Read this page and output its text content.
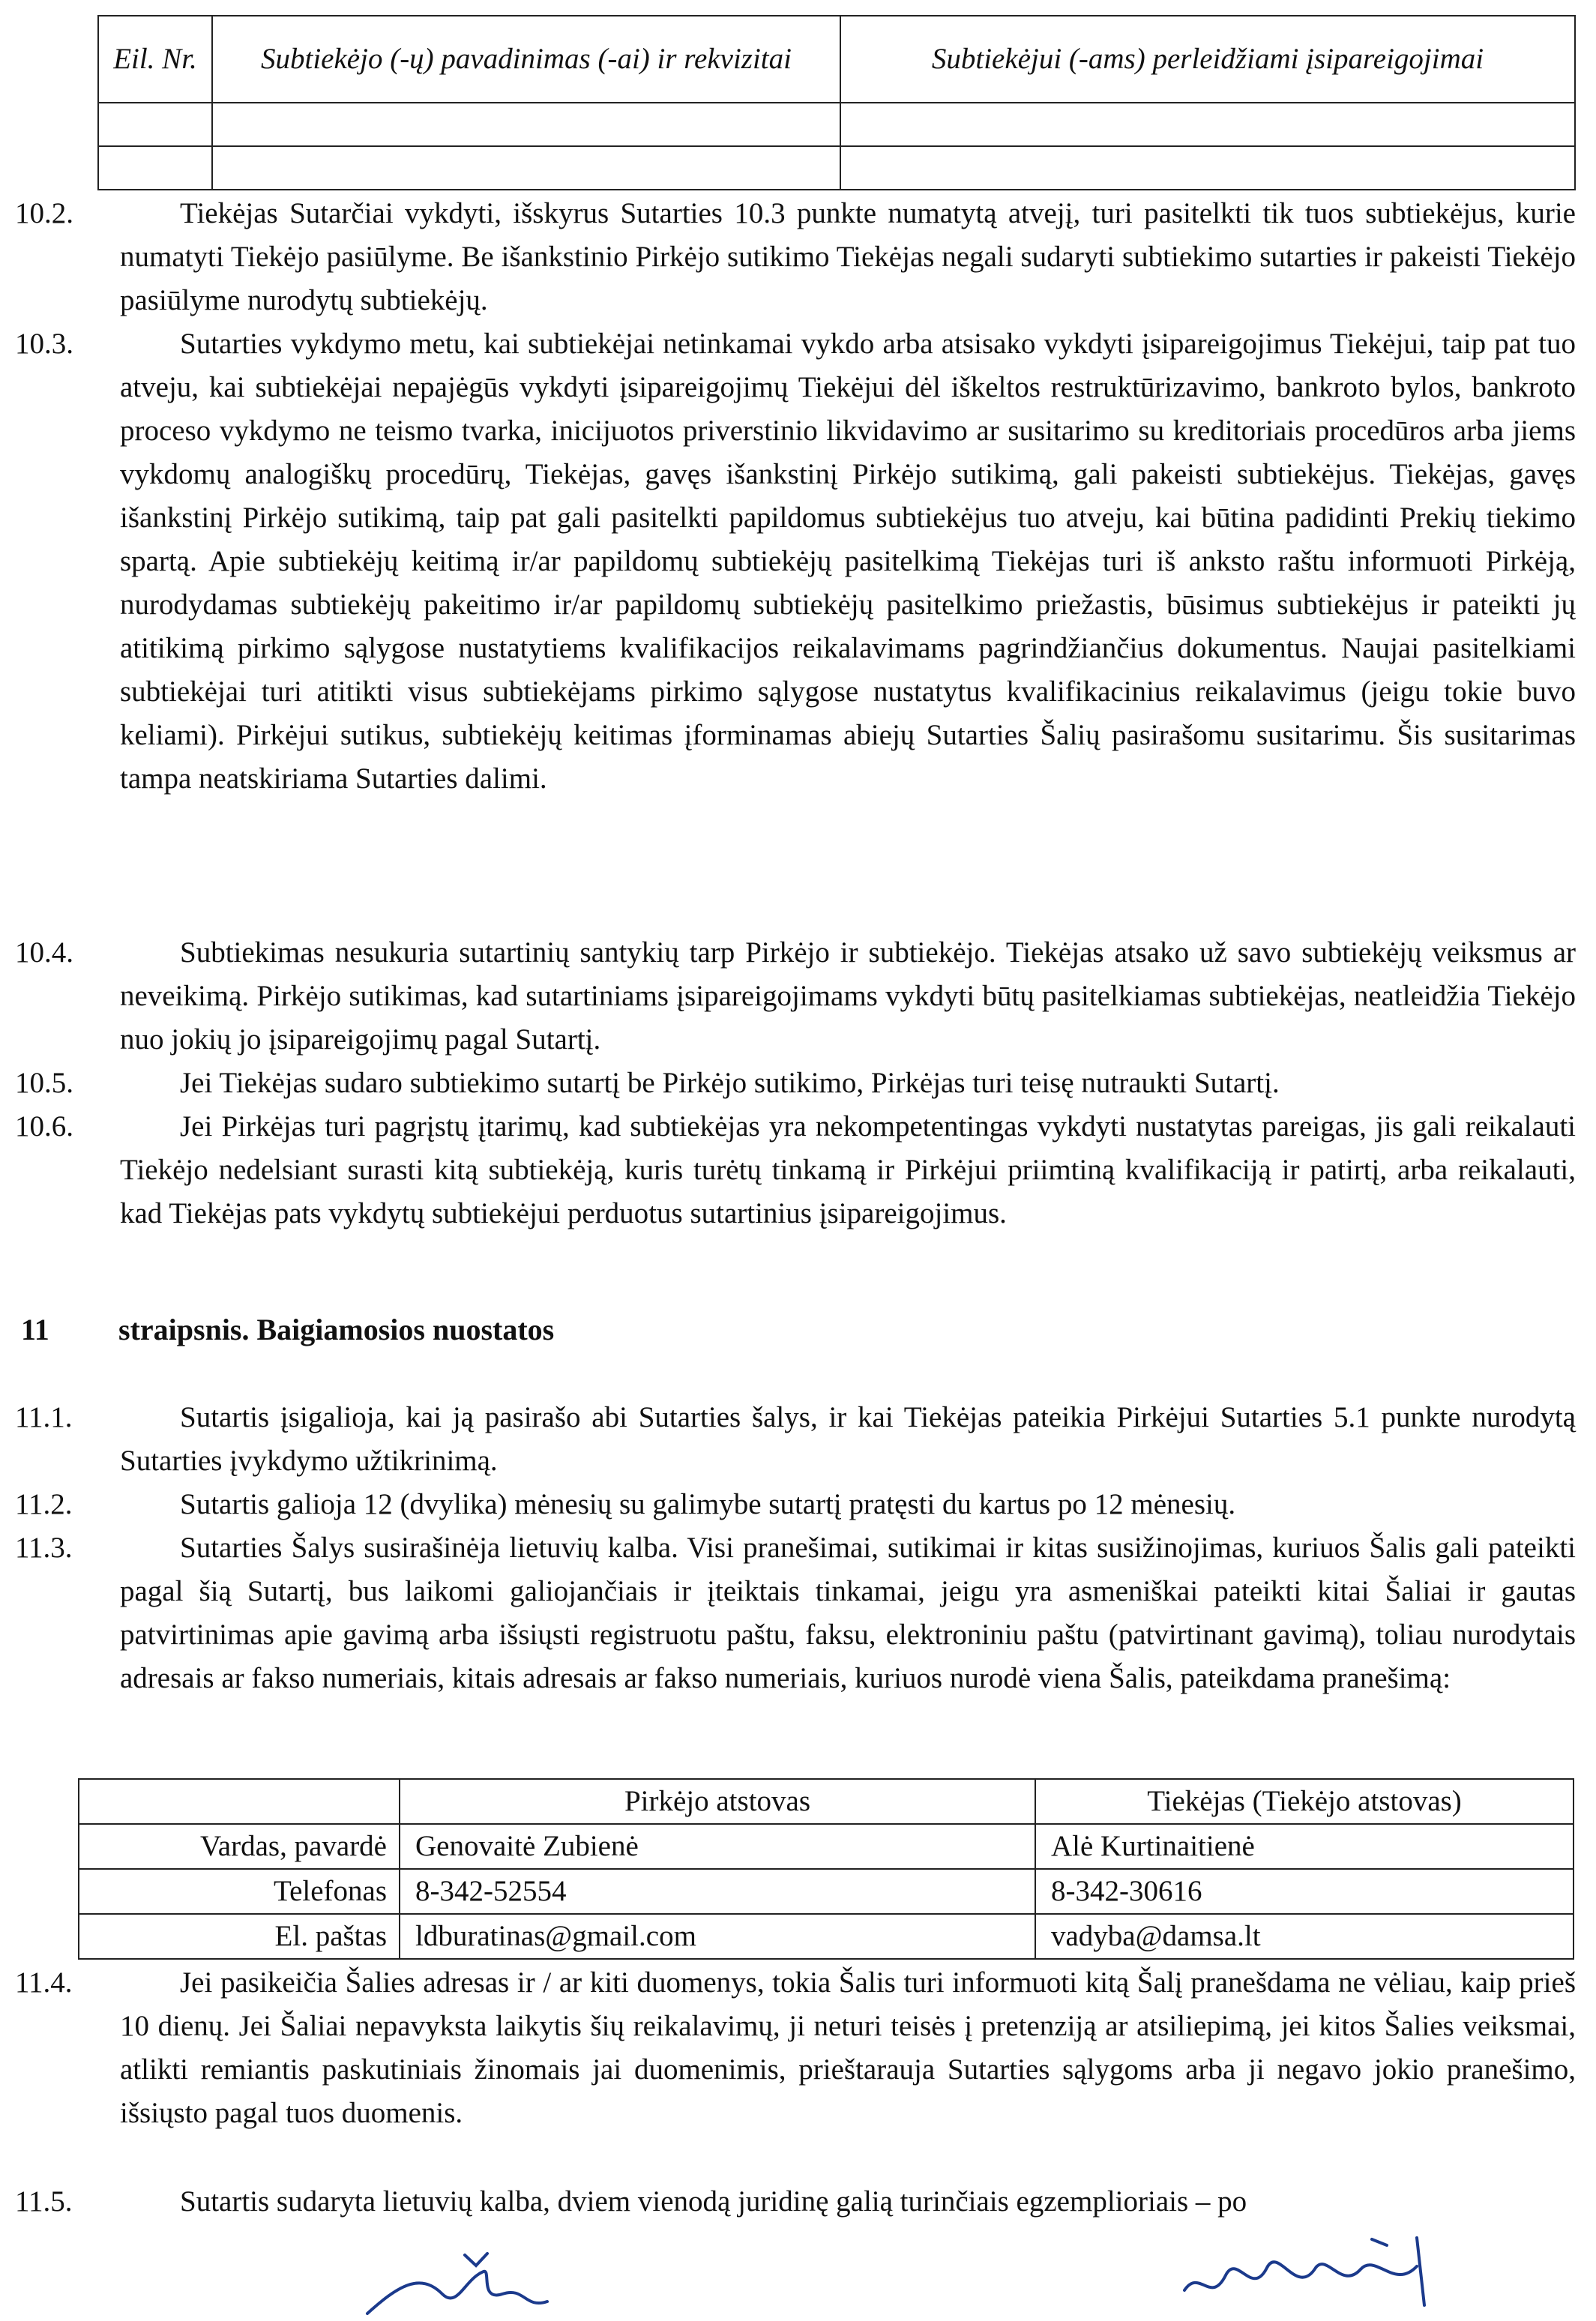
Eil. Nr.	Subtiekėjo (-ų) pavadinimas (-ai) ir rekvizitai	Subtiekėjui (-ams) perleidžiami įsipareigojimai

10.2.	Tiekėjas Sutarčiai vykdyti, išskyrus Sutarties 10.3 punkte numatytą atvejį, turi pasitelkti tik tuos subtiekėjus, kurie numatyti Tiekėjo pasiūlyme. Be išankstinio Pirkėjo sutikimo Tiekėjas negali sudaryti subtiekimo sutarties ir pakeisti Tiekėjo pasiūlyme nurodytų subtiekėjų.
10.3.	Sutarties vykdymo metu, kai subtiekėjai netinkamai vykdo arba atsisako vykdyti įsipareigojimus Tiekėjui, taip pat tuo atveju, kai subtiekėjai nepajėgūs vykdyti įsipareigojimų Tiekėjui dėl iškeltos restruktūrizavimo, bankroto bylos, bankroto proceso vykdymo ne teismo tvarka, inicijuotos priverstinio likvidavimo ar susitarimo su kreditoriais procedūros arba jiems vykdomų analogiškų procedūrų, Tiekėjas, gavęs išankstinį Pirkėjo sutikimą, gali pakeisti subtiekėjus. Tiekėjas, gavęs išankstinį Pirkėjo sutikimą, taip pat gali pasitelkti papildomus subtiekėjus tuo atveju, kai būtina padidinti Prekių tiekimo spartą. Apie subtiekėjų keitimą ir/ar papildomų subtiekėjų pasitelkimą Tiekėjas turi iš anksto raštu informuoti Pirkėją, nurodydamas subtiekėjų pakeitimo ir/ar papildomų subtiekėjų pasitelkimo priežastis, būsimus subtiekėjus ir pateikti jų atitikimą pirkimo sąlygose nustatytiems kvalifikacijos reikalavimams pagrindžiančius dokumentus. Naujai pasitelkiami subtiekėjai turi atitikti visus subtiekėjams pirkimo sąlygose nustatytus kvalifikacinius reikalavimus (jeigu tokie buvo keliami). Pirkėjui sutikus, subtiekėjų keitimas įforminamas abiejų Sutarties Šalių pasirašomu susitarimu. Šis susitarimas tampa neatskiriama Sutarties dalimi.
10.4.	Subtiekimas nesukuria sutartinių santykių tarp Pirkėjo ir subtiekėjo. Tiekėjas atsako už savo subtiekėjų veiksmus ar neveikimą. Pirkėjo sutikimas, kad sutartiniams įsipareigojimams vykdyti būtų pasitelkiamas subtiekėjas, neatleidžia Tiekėjo nuo jokių jo įsipareigojimų pagal Sutartį.
10.5.	Jei Tiekėjas sudaro subtiekimo sutartį be Pirkėjo sutikimo, Pirkėjas turi teisę nutraukti Sutartį.
10.6.	Jei Pirkėjas turi pagrįstų įtarimų, kad subtiekėjas yra nekompetentingas vykdyti nustatytas pareigas, jis gali reikalauti Tiekėjo nedelsiant surasti kitą subtiekėją, kuris turėtų tinkamą ir Pirkėjui priimtiną kvalifikaciją ir patirtį, arba reikalauti, kad Tiekėjas pats vykdytų subtiekėjui perduotus sutartinius įsipareigojimus.
11 straipsnis. Baigiamosios nuostatos
11.1.	Sutartis įsigalioja, kai ją pasirašo abi Sutarties šalys, ir kai Tiekėjas pateikia Pirkėjui Sutarties 5.1 punkte nurodytą Sutarties įvykdymo užtikrinimą.
11.2.	Sutartis galioja 12 (dvylika) mėnesių su galimybe sutartį pratęsti du kartus po 12 mėnesių.
11.3.	Sutarties Šalys susirašinėja lietuvių kalba. Visi pranešimai, sutikimai ir kitas susižinojimas, kuriuos Šalis gali pateikti pagal šią Sutartį, bus laikomi galiojančiais ir įteiktais tinkamai, jeigu yra asmeniškai pateikti kitai Šaliai ir gautas patvirtinimas apie gavimą arba išsiųsti registruotu paštu, faksu, elektroniniu paštu (patvirtinant gavimą), toliau nurodytais adresais ar fakso numeriais, kitais adresais ar fakso numeriais, kuriuos nurodė viena Šalis, pateikdama pranešimą:
	Pirkėjo atstovas	Tiekėjas (Tiekėjo atstovas)
Vardas, pavardė	Genovaitė Zubienė	Alė Kurtinaitienė
Telefonas	8-342-52554	8-342-30616
El. paštas	ldburatinas@gmail.com	vadyba@damsa.lt
11.4.	Jei pasikeičia Šalies adresas ir / ar kiti duomenys, tokia Šalis turi informuoti kitą Šalį pranešdama ne vėliau, kaip prieš 10 dienų. Jei Šaliai nepavyksta laikytis šių reikalavimų, ji neturi teisės į pretenziją ar atsiliepimą, jei kitos Šalies veiksmai, atlikti remiantis paskutiniais žinomais jai duomenimis, prieštarauja Sutarties sąlygoms arba ji negavo jokio pranešimo, išsiųsto pagal tuos duomenis.
11.5.	Sutartis sudaryta lietuvių kalba, dviem vienodą juridinę galią turinčiais egzemplioriais – po
